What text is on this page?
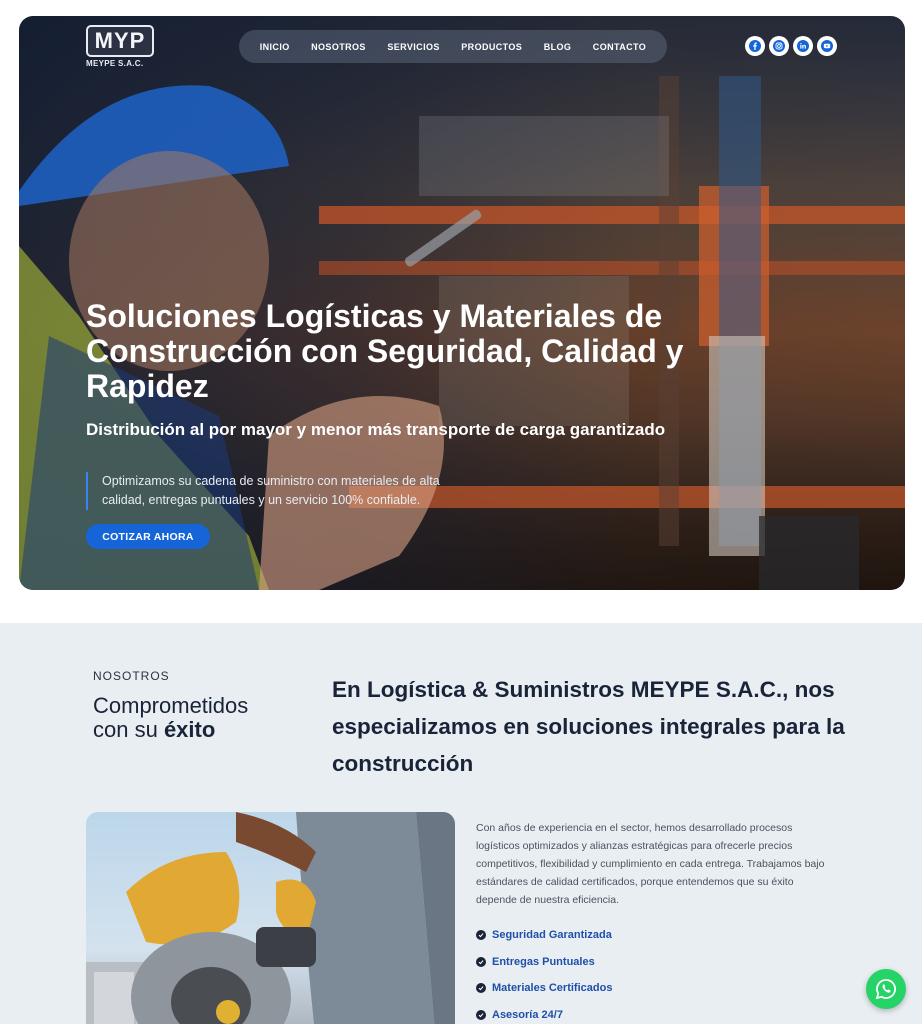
MYP
MEYPE S.A.C.
INICIO NOSOTROS SERVICIOS PRODUCTOS BLOG CONTACTO
Soluciones Logísticas y Materiales de Construcción con Seguridad, Calidad y Rapidez
Distribución al por mayor y menor más transporte de carga garantizado

Optimizamos su cadena de suministro con materiales de alta calidad, entregas puntuales y un servicio 100% confiable.

COTIZAR AHORA
NOSOTROS
Comprometidos
con su éxito
En Logística & Suministros MEYPE S.A.C., nos especializamos en soluciones integrales para la construcción

Con años de experiencia en el sector, hemos desarrollado procesos logísticos optimizados y alianzas estratégicas para ofrecerle precios competitivos, flexibilidad y cumplimiento en cada entrega. Trabajamos bajo estándares de calidad certificados, porque entendemos que su éxito depende de nuestra eficiencia.

Seguridad Garantizada
Entregas Puntuales
Materiales Certificados
Asesoría 24/7
